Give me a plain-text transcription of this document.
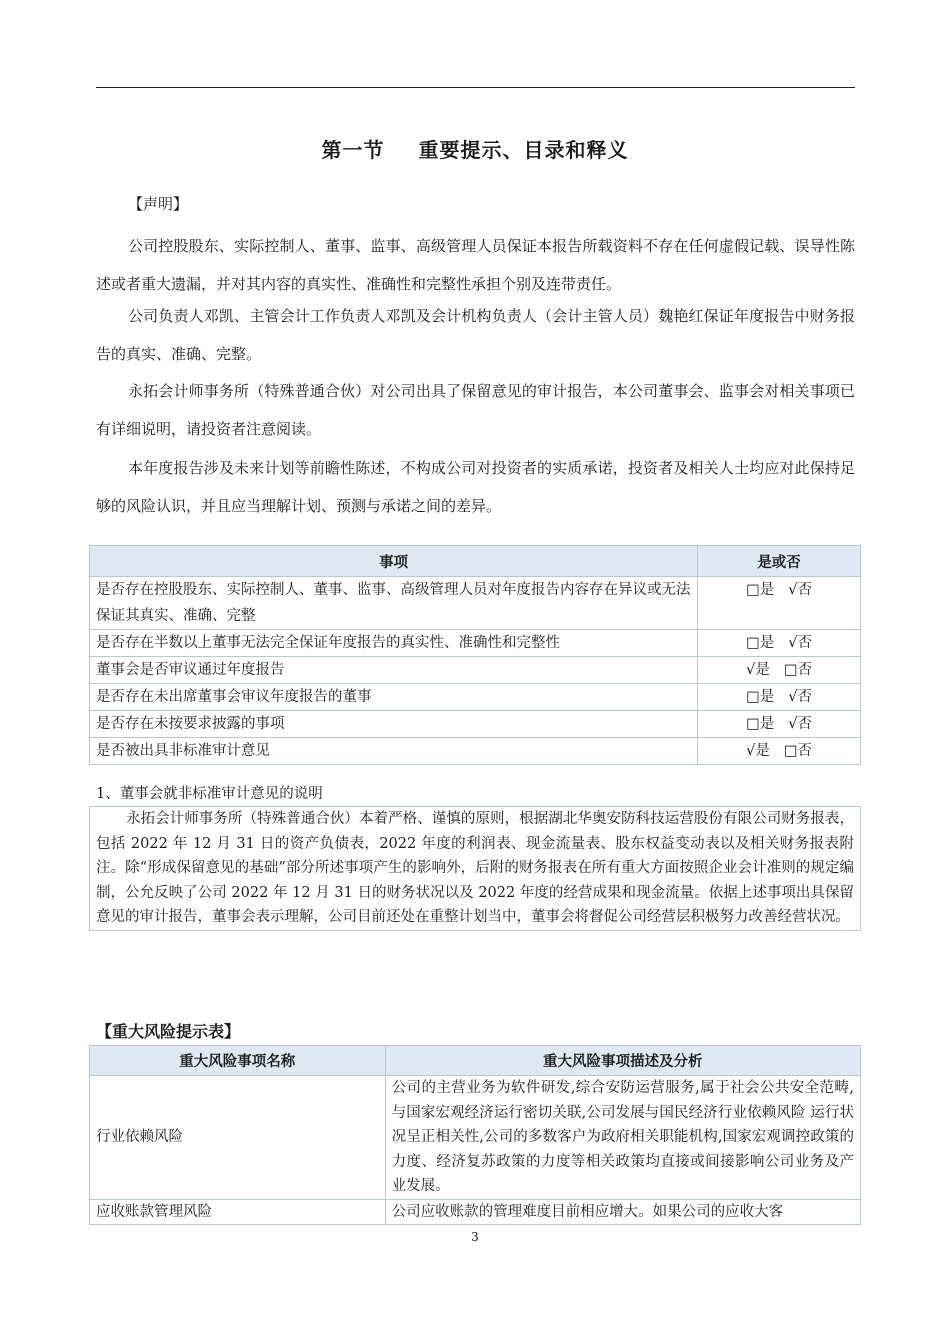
第一节 重要提示、目录和释义
【声明】

公司控股股东、实际控制人、董事、监事、高级管理人员保证本报告所载资料不存在任何虚假记载、误导性陈述或者重大遗漏，并对其内容的真实性、准确性和完整性承担个别及连带责任。

公司负责人邓凯、主管会计工作负责人邓凯及会计机构负责人（会计主管人员）魏艳红保证年度报告中财务报告的真实、准确、完整。

永拓会计师事务所（特殊普通合伙）对公司出具了保留意见的审计报告，本公司董事会、监事会对相关事项已有详细说明，请投资者注意阅读。

本年度报告涉及未来计划等前瞻性陈述，不构成公司对投资者的实质承诺，投资者及相关人士均应对此保持足够的风险认识，并且应当理解计划、预测与承诺之间的差异。

事项	是或否
是否存在控股股东、实际控制人、董事、监事、高级管理人员对年度报告内容存在异议或无法保证其真实、准确、完整	□是 √否
是否存在半数以上董事无法完全保证年度报告的真实性、准确性和完整性	□是 √否
董事会是否审议通过年度报告	√是 □否
是否存在未出席董事会审议年度报告的董事	□是 √否
是否存在未按要求披露的事项	□是 √否
是否被出具非标准审计意见	√是 □否
1、董事会就非标准审计意见的说明
永拓会计师事务所（特殊普通合伙）本着严格、谨慎的原则，根据湖北华奥安防科技运营股份有限公司财务报表，包括 2022 年 12 月 31 日的资产负债表，2022 年度的利润表、现金流量表、股东权益变动表以及相关财务报表附注。除“形成保留意见的基础”部分所述事项产生的影响外，后附的财务报表在所有重大方面按照企业会计准则的规定编制，公允反映了公司 2022 年 12 月 31 日的财务状况以及 2022 年度的经营成果和现金流量。依据上述事项出具保留意见的审计报告，董事会表示理解，公司目前还处在重整计划当中，董事会将督促公司经营层积极努力改善经营状况。
【重大风险提示表】
重大风险事项名称	重大风险事项描述及分析
行业依赖风险	公司的主营业务为软件研发,综合安防运营服务,属于社会公共安全范畴,与国家宏观经济运行密切关联,公司发展与国民经济行业依赖风险 运行状况呈正相关性,公司的多数客户为政府相关职能机构,国家宏观调控政策的力度、经济复苏政策的力度等相关政策均直接或间接影响公司业务及产业发展。
应收账款管理风险	公司应收账款的管理难度目前相应增大。如果公司的应收大客
3
